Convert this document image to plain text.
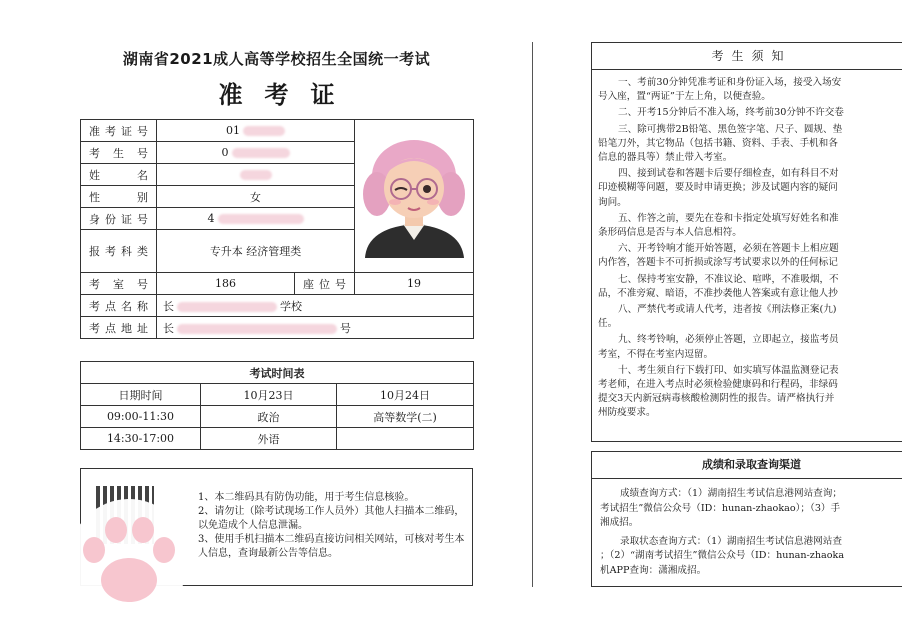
湖南省2021成人高等学校招生全国统一考试
准考证
准考证号	01	
考生号	0		
姓名			
性别	女		
身份证号	4		
报考科类	专升本 经济管理类		
考室号	186	座位号	19
考点名称	长 学校		
考点地址	长 号		
考试时间表		
日期时间	10月23日	10月24日
09:00-11:30	政治	高等数学(二)
14:30-17:00	外语	

1、本二维码具有防伪功能，用于考生信息核验。

2、请勿让（除考试现场工作人员外）其他人扫描本二维码，以免造成个人信息泄漏。

3、使用手机扫描本二维码直接访问相关网站，可核对考生本人信息，查询最新公告等信息。

考生须知

一、考前30分钟凭准考证和身份证入场，接受入场安
号入座，置“两证”于左上角，以便查验。

二、开考15分钟后不准入场，终考前30分钟不许交卷

三、除可携带2B铅笔、黑色签字笔、尺子、圆规、垫
铅笔刀外，其它物品（包括书籍、资料、手表、手机和各
信息的器具等）禁止带入考室。

四、接到试卷和答题卡后要仔细检查，如有科目不对
印迹模糊等问题，要及时申请更换；涉及试题内容的疑问
询问。

五、作答之前，要先在卷和卡指定处填写好姓名和准
条形码信息是否与本人信息相符。

六、开考铃响才能开始答题，必须在答题卡上相应题
内作答，答题卡不可折损或涂写考试要求以外的任何标记

七、保持考室安静，不准议论、喧哗，不准吸烟，不
品，不准旁窥、暗语，不准抄袭他人答案或有意让他人抄

八、严禁代考或请人代考，违者按《刑法修正案(九)
任。

九、终考铃响，必须停止答题，立即起立，接监考员
考室，不得在考室内逗留。

十、考生须自行下载打印、如实填写体温监测登记表
考老师，在进入考点时必须检验健康码和行程码，非绿码
提交3天内新冠病毒核酸检测阴性的报告。请严格执行并
州防疫要求。

成绩和录取查询渠道

成绩查询方式：（1）湖南招生考试信息港网站查询；
考试招生”微信公众号（ID：hunan-zhaokao）；（3）手
湘成招。

录取状态查询方式：（1）湖南招生考试信息港网站查
；（2）“湖南考试招生”微信公众号（ID：hunan-zhaoka
机APP查询：潇湘成招。
